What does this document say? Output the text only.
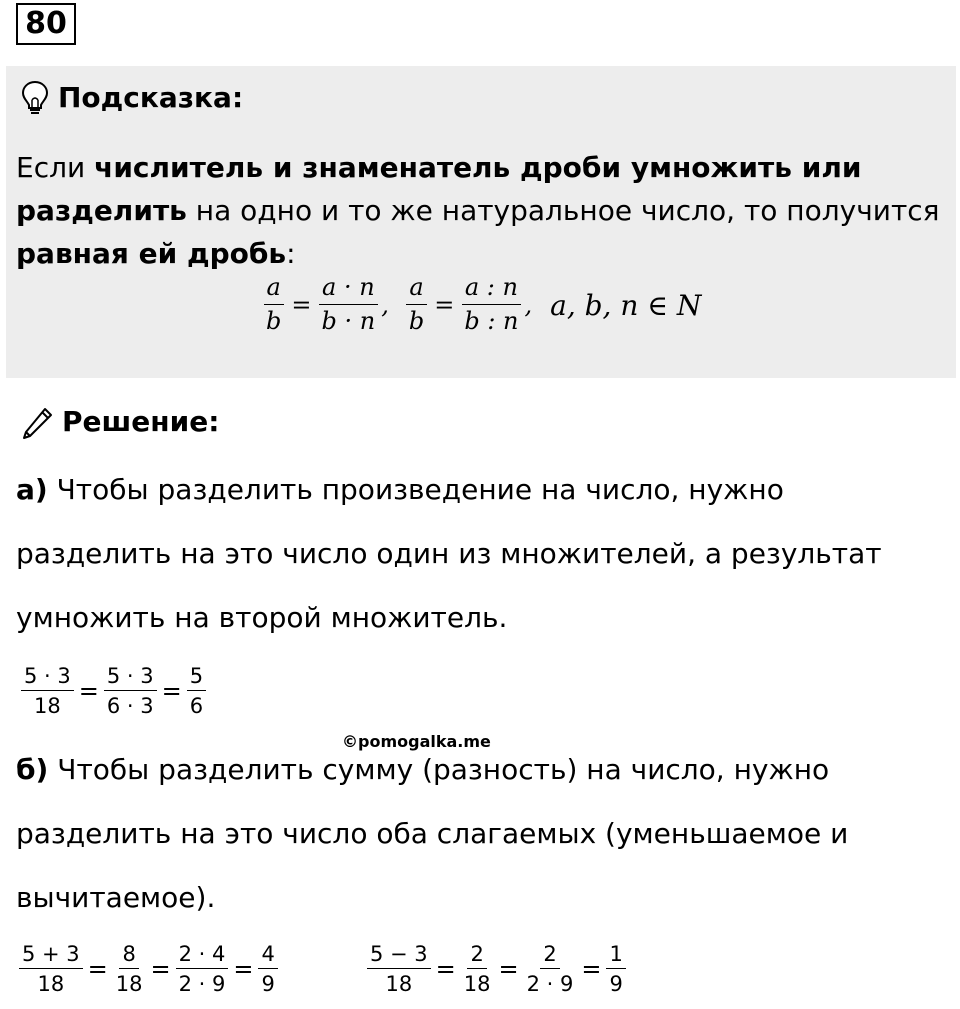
80
Подсказка:
Если числитель и знаменатель дроби умножить или разделить на одно и то же натуральное число, то получится равная ей дробь:
$\frac{a}{b} = \frac{a \cdot n}{b \cdot n}$ , $\frac{a}{b} = \frac{a : n}{b : n}$ , a, b, n ∈ N
Решение:
а) Чтобы разделить произведение на число, нужно разделить на это число один из множителей, а результат умножить на второй множитель.
$\frac{5 \cdot 3}{18} = \frac{5 \cdot 3}{6 \cdot 3} = \frac{5}{6}$
©pomogalka.me
б) Чтобы разделить сумму (разность) на число, нужно разделить на это число оба слагаемых (уменьшаемое и вычитаемое).
$\frac{5 + 3}{18} = \frac{8}{18} = \frac{2 \cdot 4}{2 \cdot 9} = \frac{4}{9}$	$\frac{5 - 3}{18} = \frac{2}{18} = \frac{2}{2 \cdot 9} = \frac{1}{9}$
